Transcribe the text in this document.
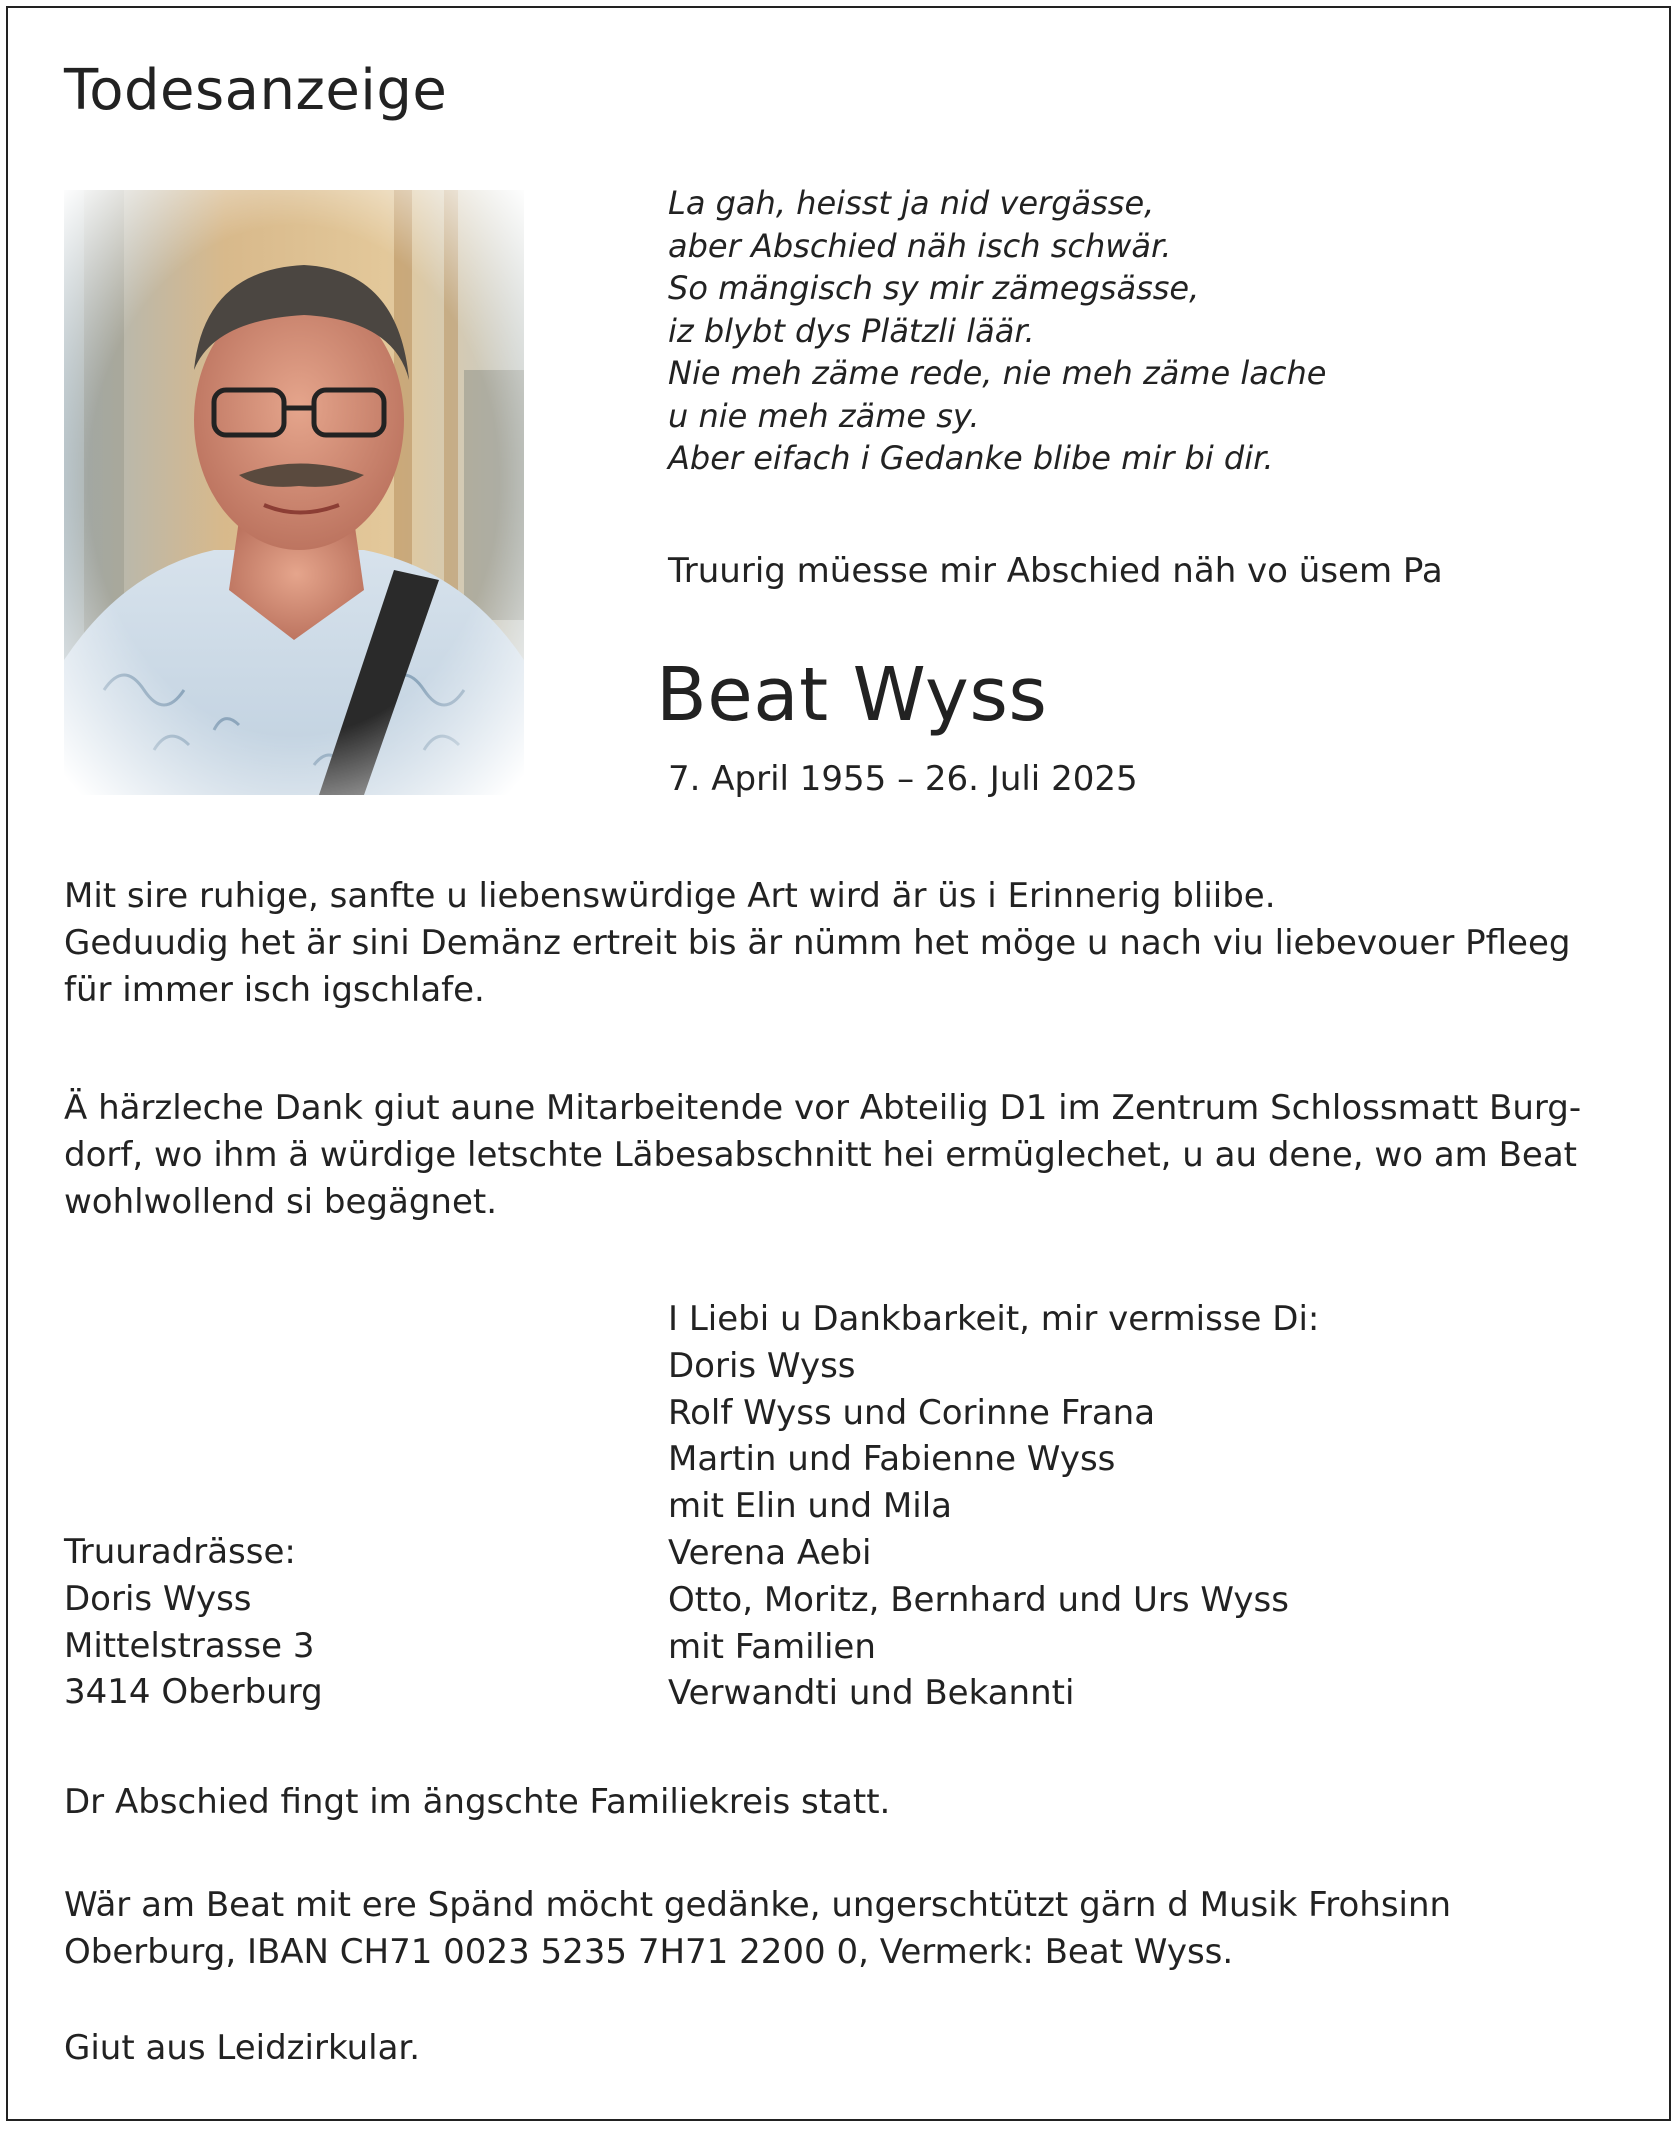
Todesanzeige
La gah, heisst ja nid vergässe,
aber Abschied näh isch schwär.
So mängisch sy mir zämegsässe,
iz blybt dys Plätzli läär.
Nie meh zäme rede, nie meh zäme lache
u nie meh zäme sy.
Aber eifach i Gedanke blibe mir bi dir.
Truurig müesse mir Abschied näh vo üsem Pa
Beat Wyss
7. April 1955 – 26. Juli 2025
Mit sire ruhige, sanfte u liebenswürdige Art wird är üs i Erinnerig bliibe.
Geduudig het är sini Demänz ertreit bis är nümm het möge u nach viu liebevouer Pfleeg
für immer isch igschlafe.
Ä härzleche Dank giut aune Mitarbeitende vor Abteilig D1 im Zentrum Schlossmatt Burg-
dorf, wo ihm ä würdige letschte Läbesabschnitt hei ermüglechet, u au dene, wo am Beat
wohlwollend si begägnet.
I Liebi u Dankbarkeit, mir vermisse Di:
Doris Wyss
Rolf Wyss und Corinne Frana
Martin und Fabienne Wyss
mit Elin und Mila
Verena Aebi
Otto, Moritz, Bernhard und Urs Wyss
mit Familien
Verwandti und Bekannti
Truuradrässe:
Doris Wyss
Mittelstrasse 3
3414 Oberburg
Dr Abschied fingt im ängschte Familiekreis statt.
Wär am Beat mit ere Spänd möcht gedänke, ungerschtützt gärn d Musik Frohsinn
Oberburg, IBAN CH71 0023 5235 7H71 2200 0, Vermerk: Beat Wyss.
Giut aus Leidzirkular.
